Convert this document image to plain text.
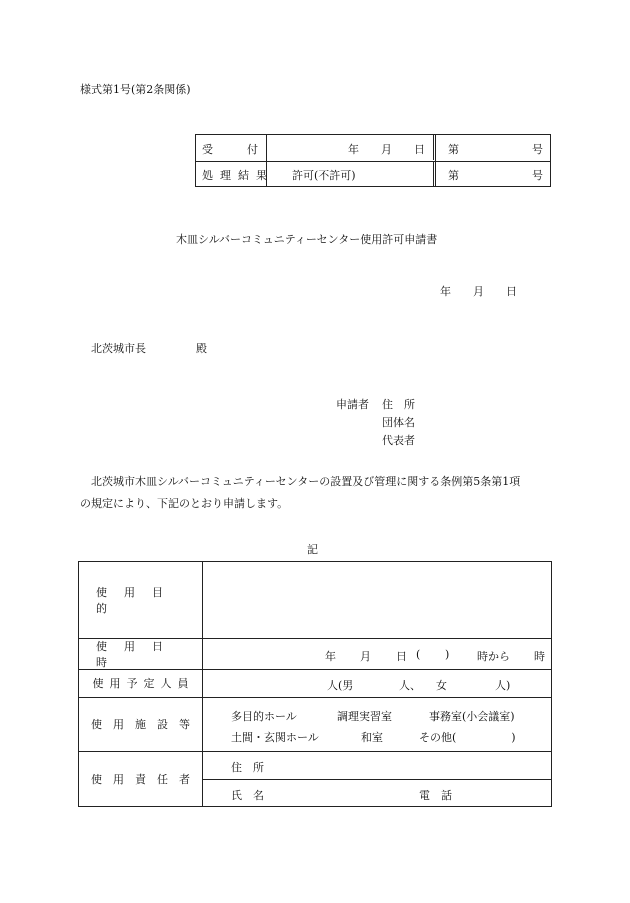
様式第1号(第2条関係)
受　　付	年　　月　　日 第	号
処理結果 許可(不許可)	第	号
木皿シルバーコミュニティーセンター使用許可申請書
年　　月　　日
北茨城市長	殿
申請者 住　所
団体名
代表者
北茨城市木皿シルバーコミュニティーセンターの設置及び管理に関する条例第5条第1項
の規定により、下記のとおり申請します。
記
使用目的
使用日時	年 月 日 ( )	時から 時
使用予定人員	人(男	人、 女	人)
使用施設等
多目的ホール	調理実習室	事務室(小会議室)
土間・玄関ホール	和室	その他(　　　　　)
使用責任者
住　所
氏　名	電　話
